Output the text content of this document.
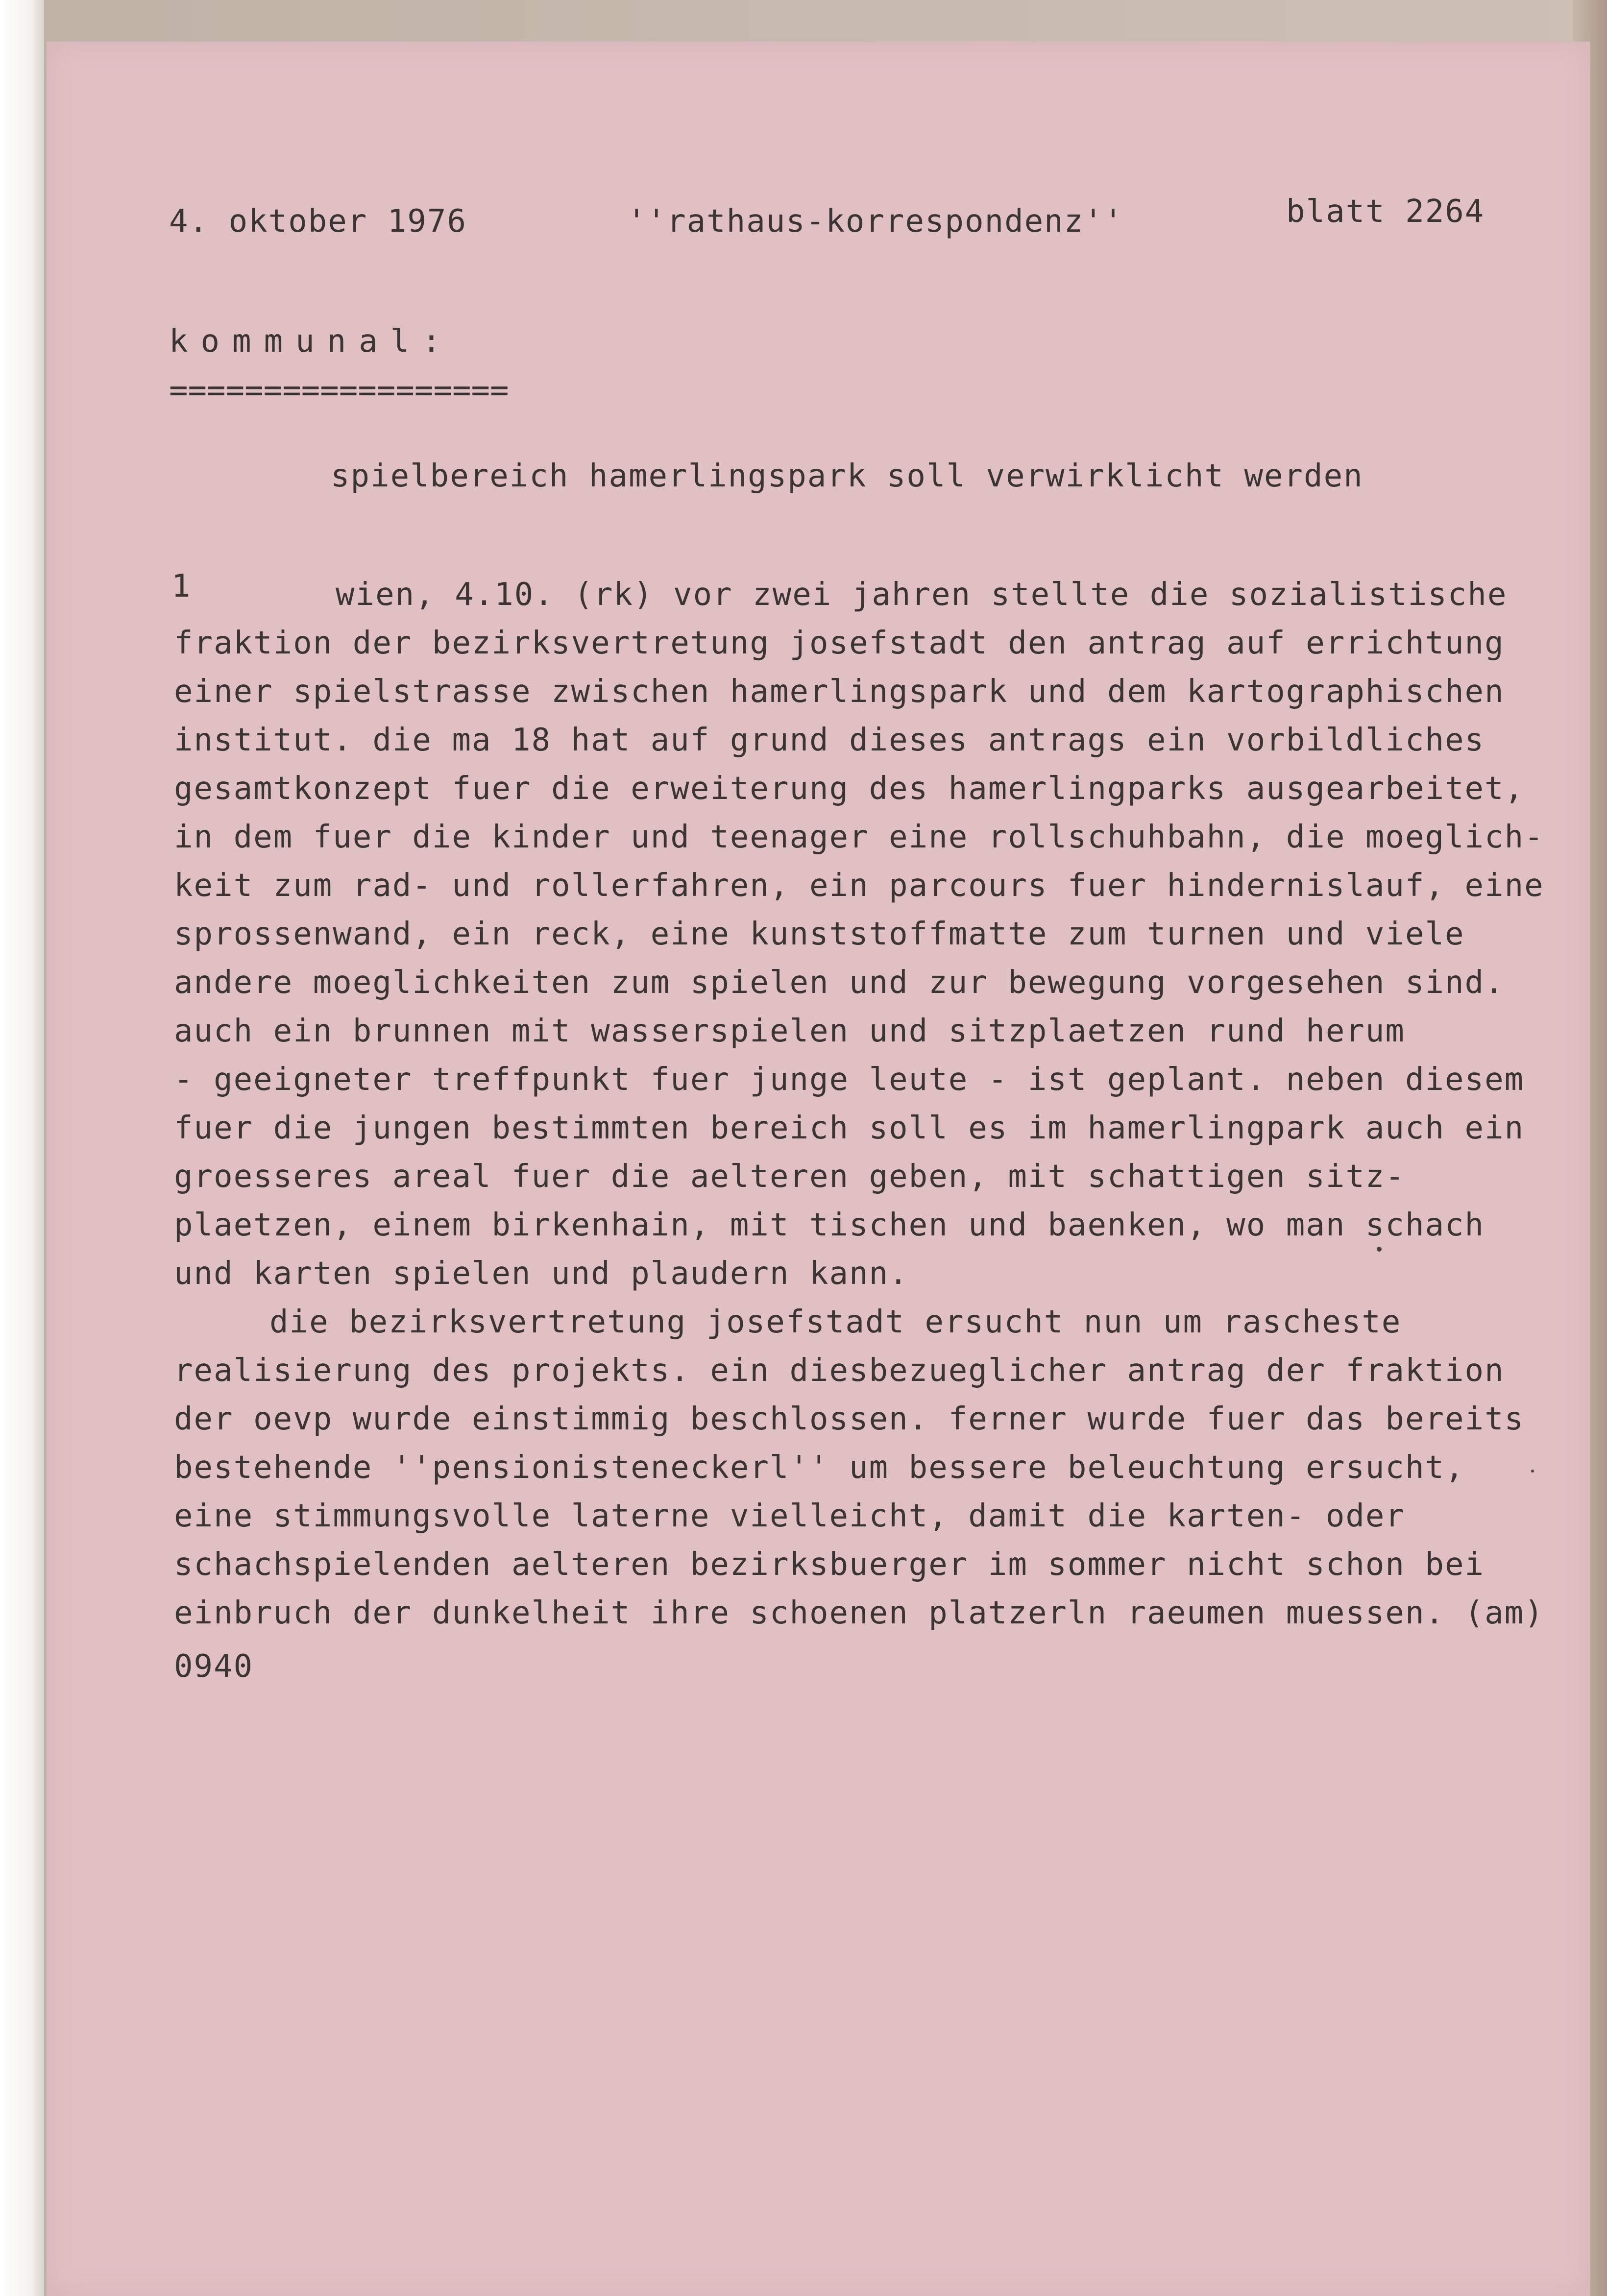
4. oktober 1976	''rathaus-korrespondenz''	blatt 2264
kommunal:
==================
spielbereich hamerlingspark soll verwirklicht werden
1	wien, 4.10. (rk) vor zwei jahren stellte die sozialistische
fraktion der bezirksvertretung josefstadt den antrag auf errichtung
einer spielstrasse zwischen hamerlingspark und dem kartographischen
institut. die ma 18 hat auf grund dieses antrags ein vorbildliches
gesamtkonzept fuer die erweiterung des hamerlingparks ausgearbeitet,
in dem fuer die kinder und teenager eine rollschuhbahn, die moeglich-
keit zum rad- und rollerfahren, ein parcours fuer hindernislauf, eine
sprossenwand, ein reck, eine kunststoffmatte zum turnen und viele
andere moeglichkeiten zum spielen und zur bewegung vorgesehen sind.
auch ein brunnen mit wasserspielen und sitzplaetzen rund herum
- geeigneter treffpunkt fuer junge leute - ist geplant. neben diesem
fuer die jungen bestimmten bereich soll es im hamerlingpark auch ein
groesseres areal fuer die aelteren geben, mit schattigen sitz-
plaetzen, einem birkenhain, mit tischen und baenken, wo man schach
und karten spielen und plaudern kann.
die bezirksvertretung josefstadt ersucht nun um rascheste
realisierung des projekts. ein diesbezueglicher antrag der fraktion
der oevp wurde einstimmig beschlossen. ferner wurde fuer das bereits
bestehende ''pensionisteneckerl'' um bessere beleuchtung ersucht,
eine stimmungsvolle laterne vielleicht, damit die karten- oder
schachspielenden aelteren bezirksbuerger im sommer nicht schon bei
einbruch der dunkelheit ihre schoenen platzerln raeumen muessen. (am)
0940
